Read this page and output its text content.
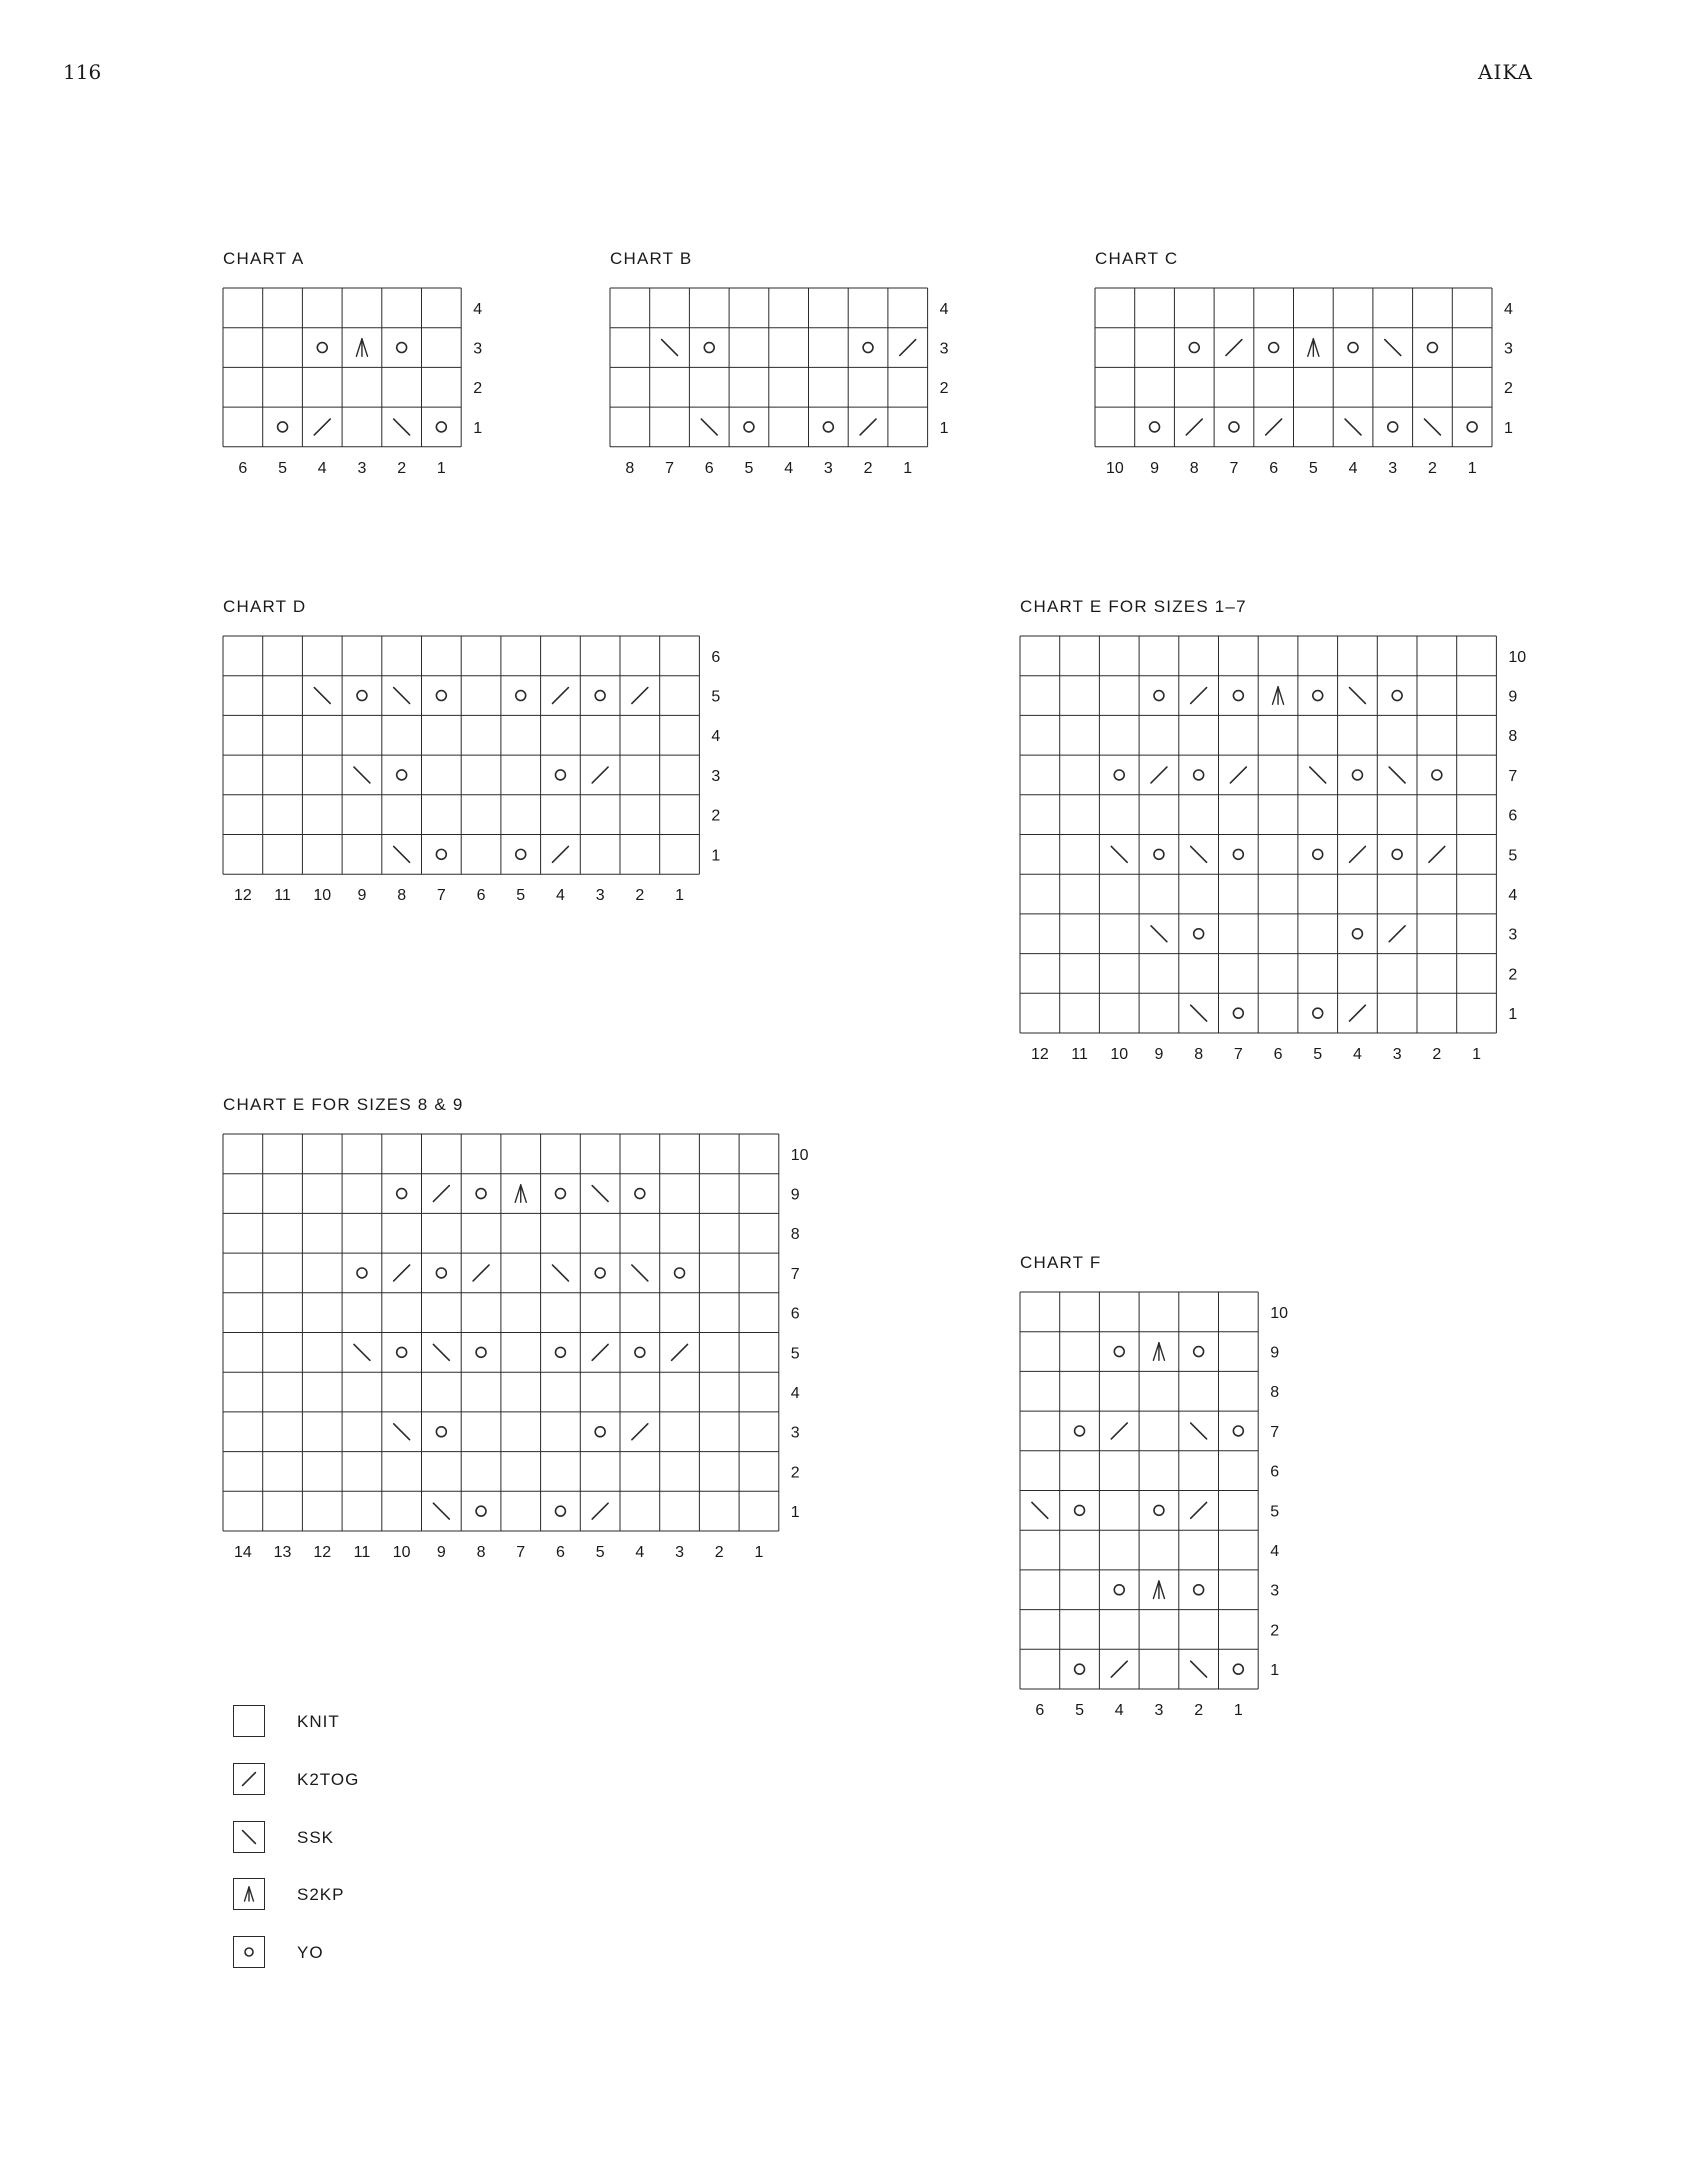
116	AIKA
CHART A
4
3
2
1
6 5 4 3 2 1
CHART B
4
3
2
1
8 7 6 5 4 3 2 1
CHART C
4
3
2
1
10 9 8 7 6 5 4 3 2 1
CHART D
6
5
4
3
2
1
12 11 10 9 8 7 6 5 4 3 2 1
CHART E FOR SIZES 1–7
10
9
8
7
6
5
4
3
2
1
12 11 10 9 8 7 6 5 4 3 2 1
CHART E FOR SIZES 8 & 9
10
9
8
7
6
5
4
3
2
1
14 13 12 11 10 9 8 7 6 5 4 3 2 1
CHART F
10
9
8
7
6
5
4
3
2
1
6 5 4 3 2 1
KNIT
K2TOG
SSK
S2KP
YO
